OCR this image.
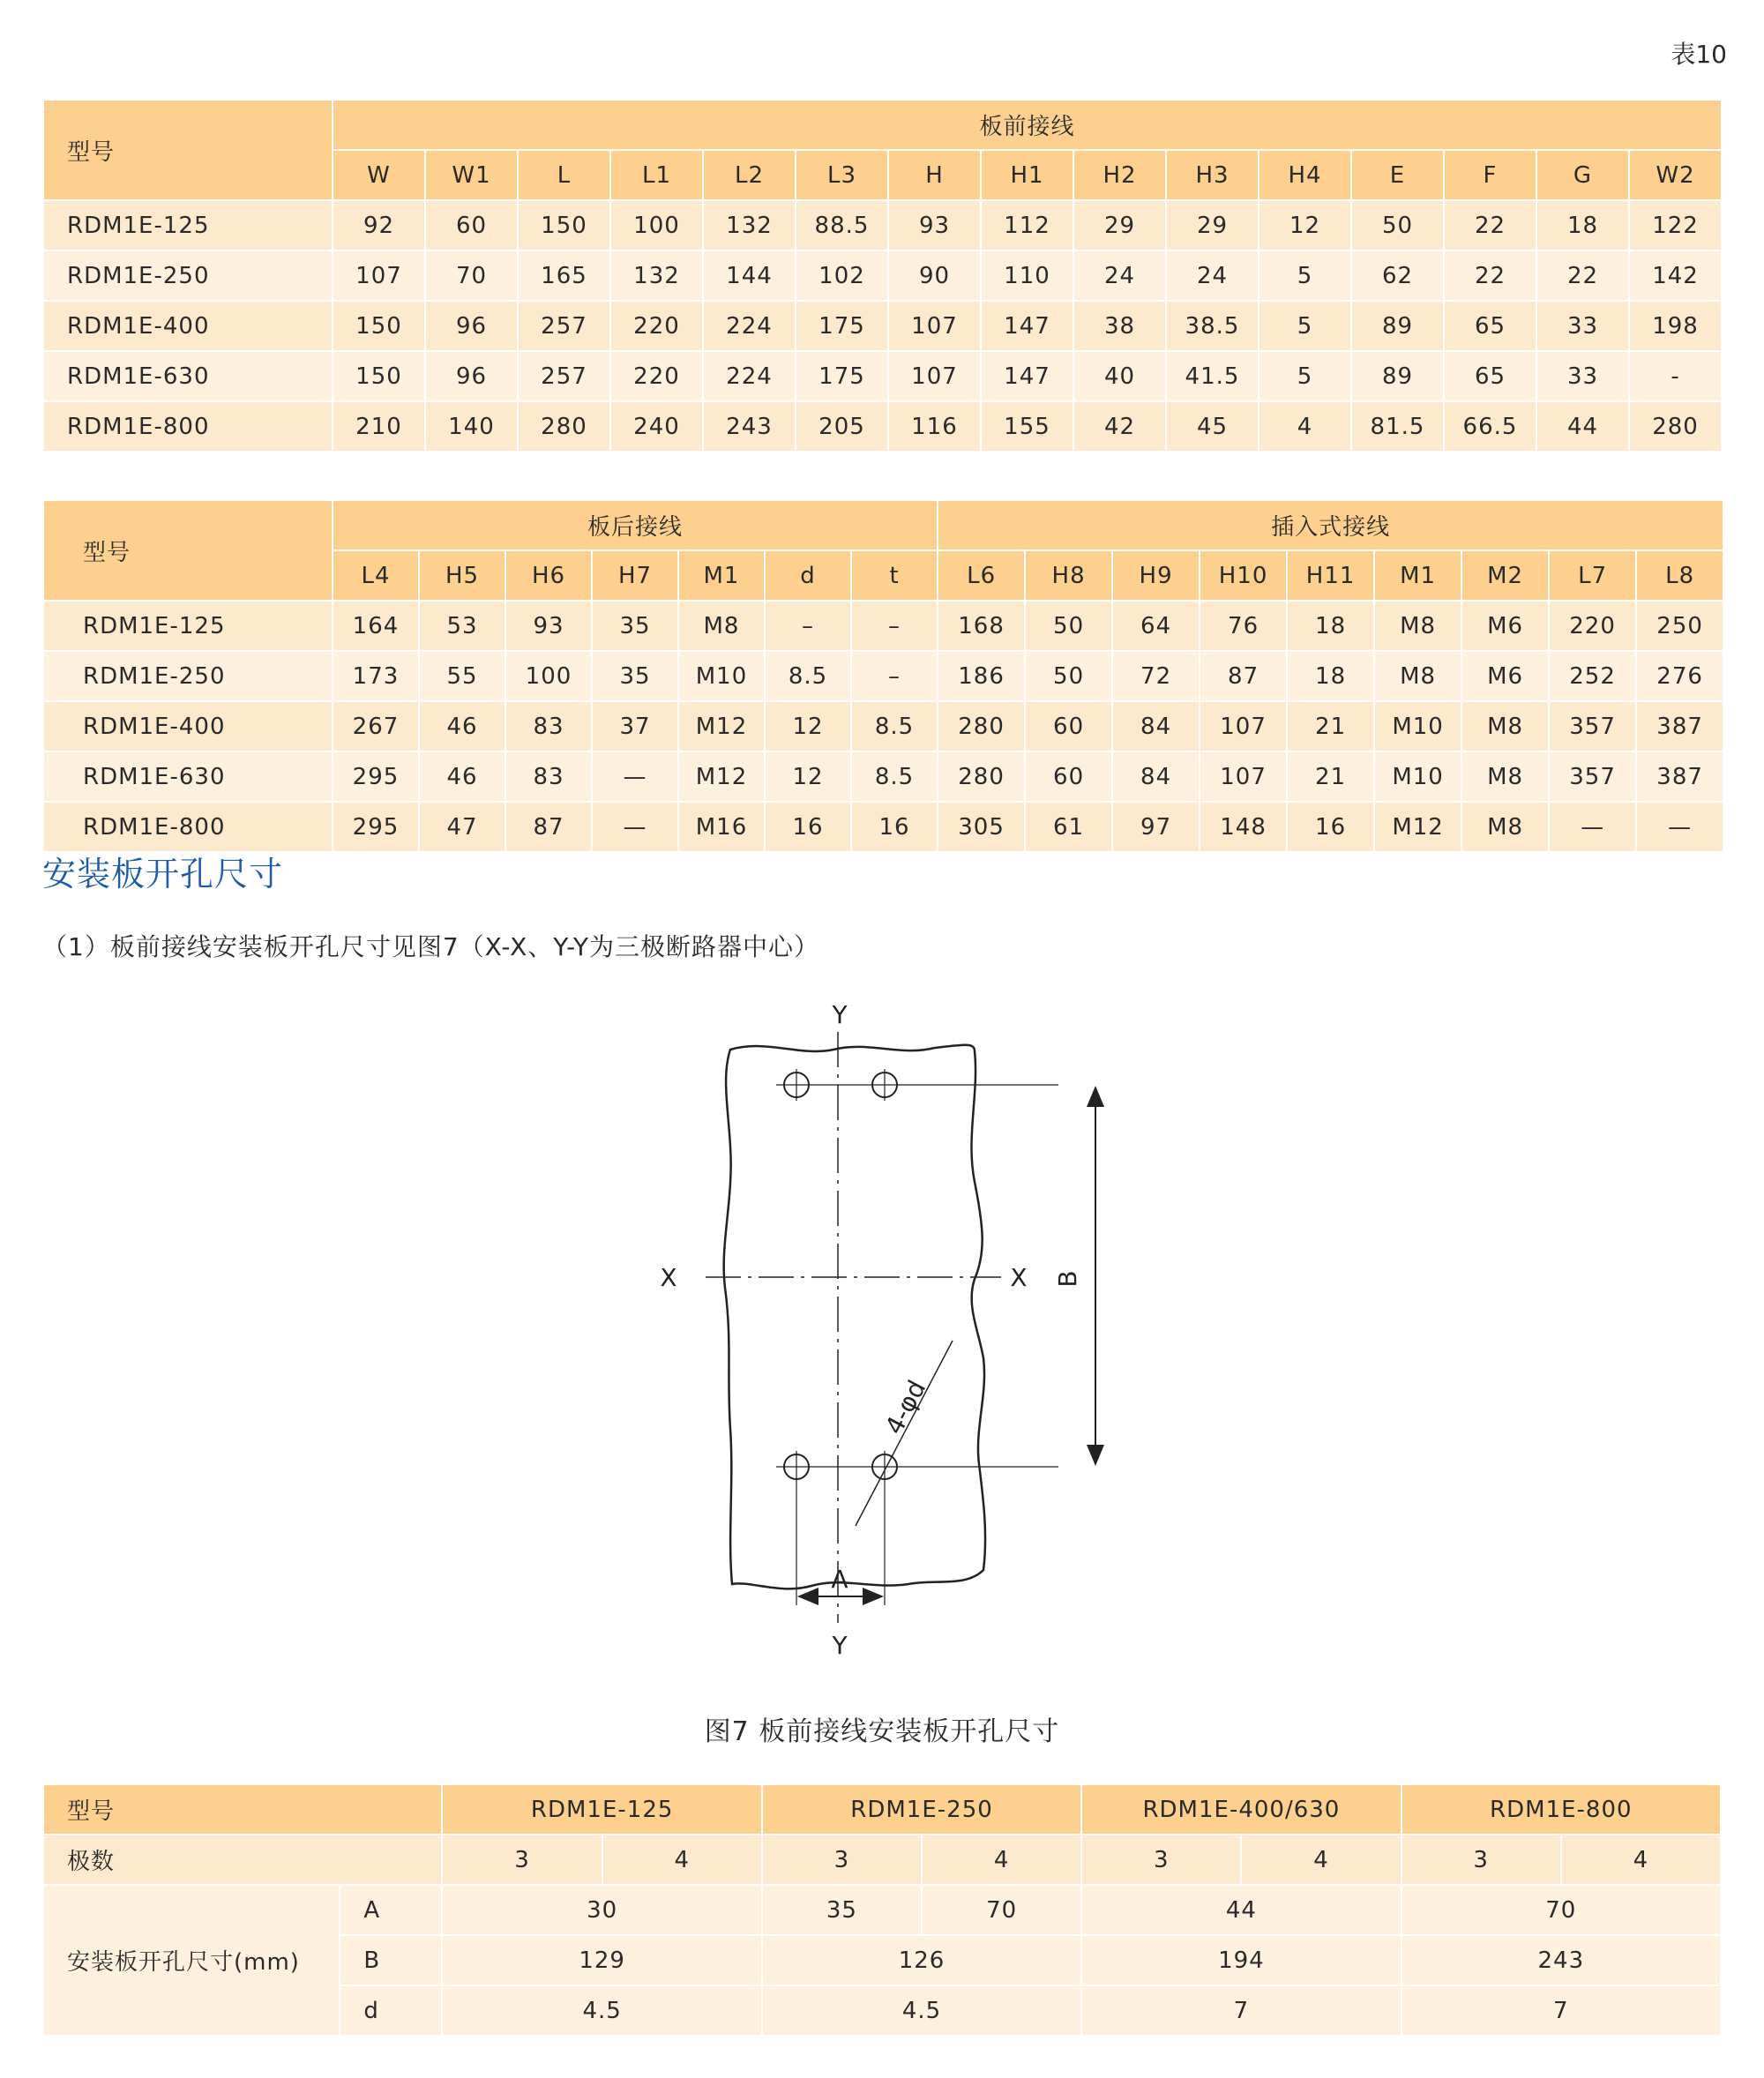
表10
型号	板前接线														
	W	W1	L	L1	L2	L3	H	H1	H2	H3	H4	E	F	G	W2
RDM1E-125	92	60	150	100	132	88.5	93	112	29	29	12	50	22	18	122
RDM1E-250	107	70	165	132	144	102	90	110	24	24	5	62	22	22	142
RDM1E-400	150	96	257	220	224	175	107	147	38	38.5	5	89	65	33	198
RDM1E-630	150	96	257	220	224	175	107	147	40	41.5	5	89	65	33	-
RDM1E-800	210	140	280	240	243	205	116	155	42	45	4	81.5	66.5	44	280
型号	板后接线							插入式接线								
	L4	H5	H6	H7	M1	d	t	L6	H8	H9	H10	H11	M1	M2	L7	L8
RDM1E-125	164	53	93	35	M8	–	–	168	50	64	76	18	M8	M6	220	250
RDM1E-250	173	55	100	35	M10	8.5	–	186	50	72	87	18	M8	M6	252	276
RDM1E-400	267	46	83	37	M12	12	8.5	280	60	84	107	21	M10	M8	357	387
RDM1E-630	295	46	83	—	M12	12	8.5	280	60	84	107	21	M10	M8	357	387
RDM1E-800	295	47	87	—	M16	16	16	305	61	97	148	16	M12	M8	—	—
安装板开孔尺寸
（1）板前接线安装板开孔尺寸见图7（X-X、Y-Y为三极断路器中心）
Y
Y
X	X
A
B
4-φd
图7 板前接线安装板开孔尺寸
型号		RDM1E-125		RDM1E-250		RDM1E-400/630		RDM1E-800	
极数		3	4	3	4	3	4	3	4
安装板开孔尺寸(mm)	A	30		35	70	44		70	
	B	129		126		194		243	
	d	4.5		4.5		7		7	
